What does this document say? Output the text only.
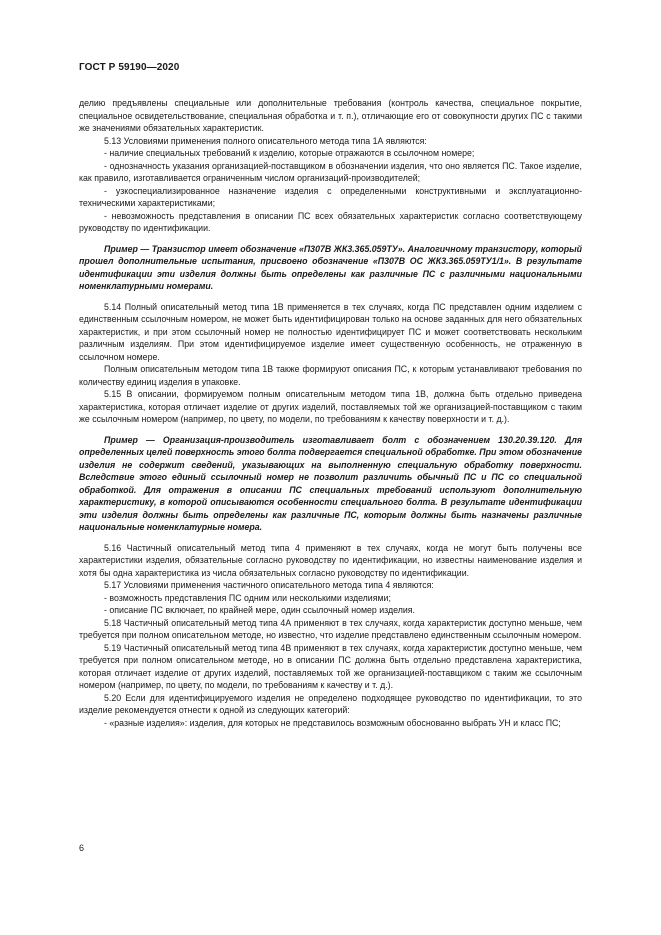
ГОСТ Р 59190—2020

делию предъявлены специальные или дополнительные требования (контроль качества, специальное покрытие, специальное освидетельствование, специальная обработка и т. п.), отличающие его от совокупности других ПС с такими же значениями обязательных характеристик.

5.13 Условиями применения полного описательного метода типа 1А являются:

- наличие специальных требований к изделию, которые отражаются в ссылочном номере;

- однозначность указания организацией-поставщиком в обозначении изделия, что оно является ПС. Такое изделие, как правило, изготавливается ограниченным числом организаций-производителей;

- узкоспециализированное назначение изделия с определенными конструктивными и эксплуатационно-техническими характеристиками;

- невозможность представления в описании ПС всех обязательных характеристик согласно соответствующему руководству по идентификации.

Пример — Транзистор имеет обозначение «П307В ЖК3.365.059ТУ». Аналогичному транзистору, который прошел дополнительные испытания, присвоено обозначение «П307В ОС ЖК3.365.059ТУ1/1». В результате идентификации эти изделия должны быть определены как различные ПС с различными национальными номенклатурными номерами.

5.14 Полный описательный метод типа 1В применяется в тех случаях, когда ПС представлен одним изделием с единственным ссылочным номером, не может быть идентифицирован только на основе заданных для него обязательных характеристик, и при этом ссылочный номер не полностью идентифицирует ПС и может соответствовать нескольким различным изделиям. При этом идентифицируемое изделие имеет существенную особенность, не отраженную в ссылочном номере.

Полным описательным методом типа 1В также формируют описания ПС, к которым устанавливают требования по количеству единиц изделия в упаковке.

5.15 В описании, формируемом полным описательным методом типа 1В, должна быть отдельно приведена характеристика, которая отличает изделие от других изделий, поставляемых той же организацией-поставщиком с таким же ссылочным номером (например, по цвету, по модели, по требованиям к качеству поверхности и т. д.).

Пример — Организация-производитель изготавливает болт с обозначением 130.20.39.120. Для определенных целей поверхность этого болта подвергается специальной обработке. При этом обозначение изделия не содержит сведений, указывающих на выполненную специальную обработку поверхности. Вследствие этого единый ссылочный номер не позволит различить обычный ПС и ПС со специальной обработкой. Для отражения в описании ПС специальных требований используют дополнительную характеристику, в которой описываются особенности специального болта. В результате идентификации эти изделия должны быть определены как различные ПС, которым должны быть назначены различные национальные номенклатурные номера.

5.16 Частичный описательный метод типа 4 применяют в тех случаях, когда не могут быть получены все характеристики изделия, обязательные согласно руководству по идентификации, но известны наименование изделия и хотя бы одна характеристика из числа обязательных согласно руководству по идентификации.

5.17 Условиями применения частичного описательного метода типа 4 являются:

- возможность представления ПС одним или несколькими изделиями;

- описание ПС включает, по крайней мере, один ссылочный номер изделия.

5.18 Частичный описательный метод типа 4А применяют в тех случаях, когда характеристик доступно меньше, чем требуется при полном описательном методе, но известно, что изделие представлено единственным ссылочным номером.

5.19 Частичный описательный метод типа 4В применяют в тех случаях, когда характеристик доступно меньше, чем требуется при полном описательном методе, но в описании ПС должна быть отдельно представлена характеристика, которая отличает изделие от других изделий, поставляемых той же организацией-поставщиком с таким же ссылочным номером (например, по цвету, по модели, по требованиям к качеству и т. д.).

5.20 Если для идентифицируемого изделия не определено подходящее руководство по идентификации, то это изделие рекомендуется отнести к одной из следующих категорий:

- «разные изделия»: изделия, для которых не представилось возможным обоснованно выбрать УН и класс ПС;

6
